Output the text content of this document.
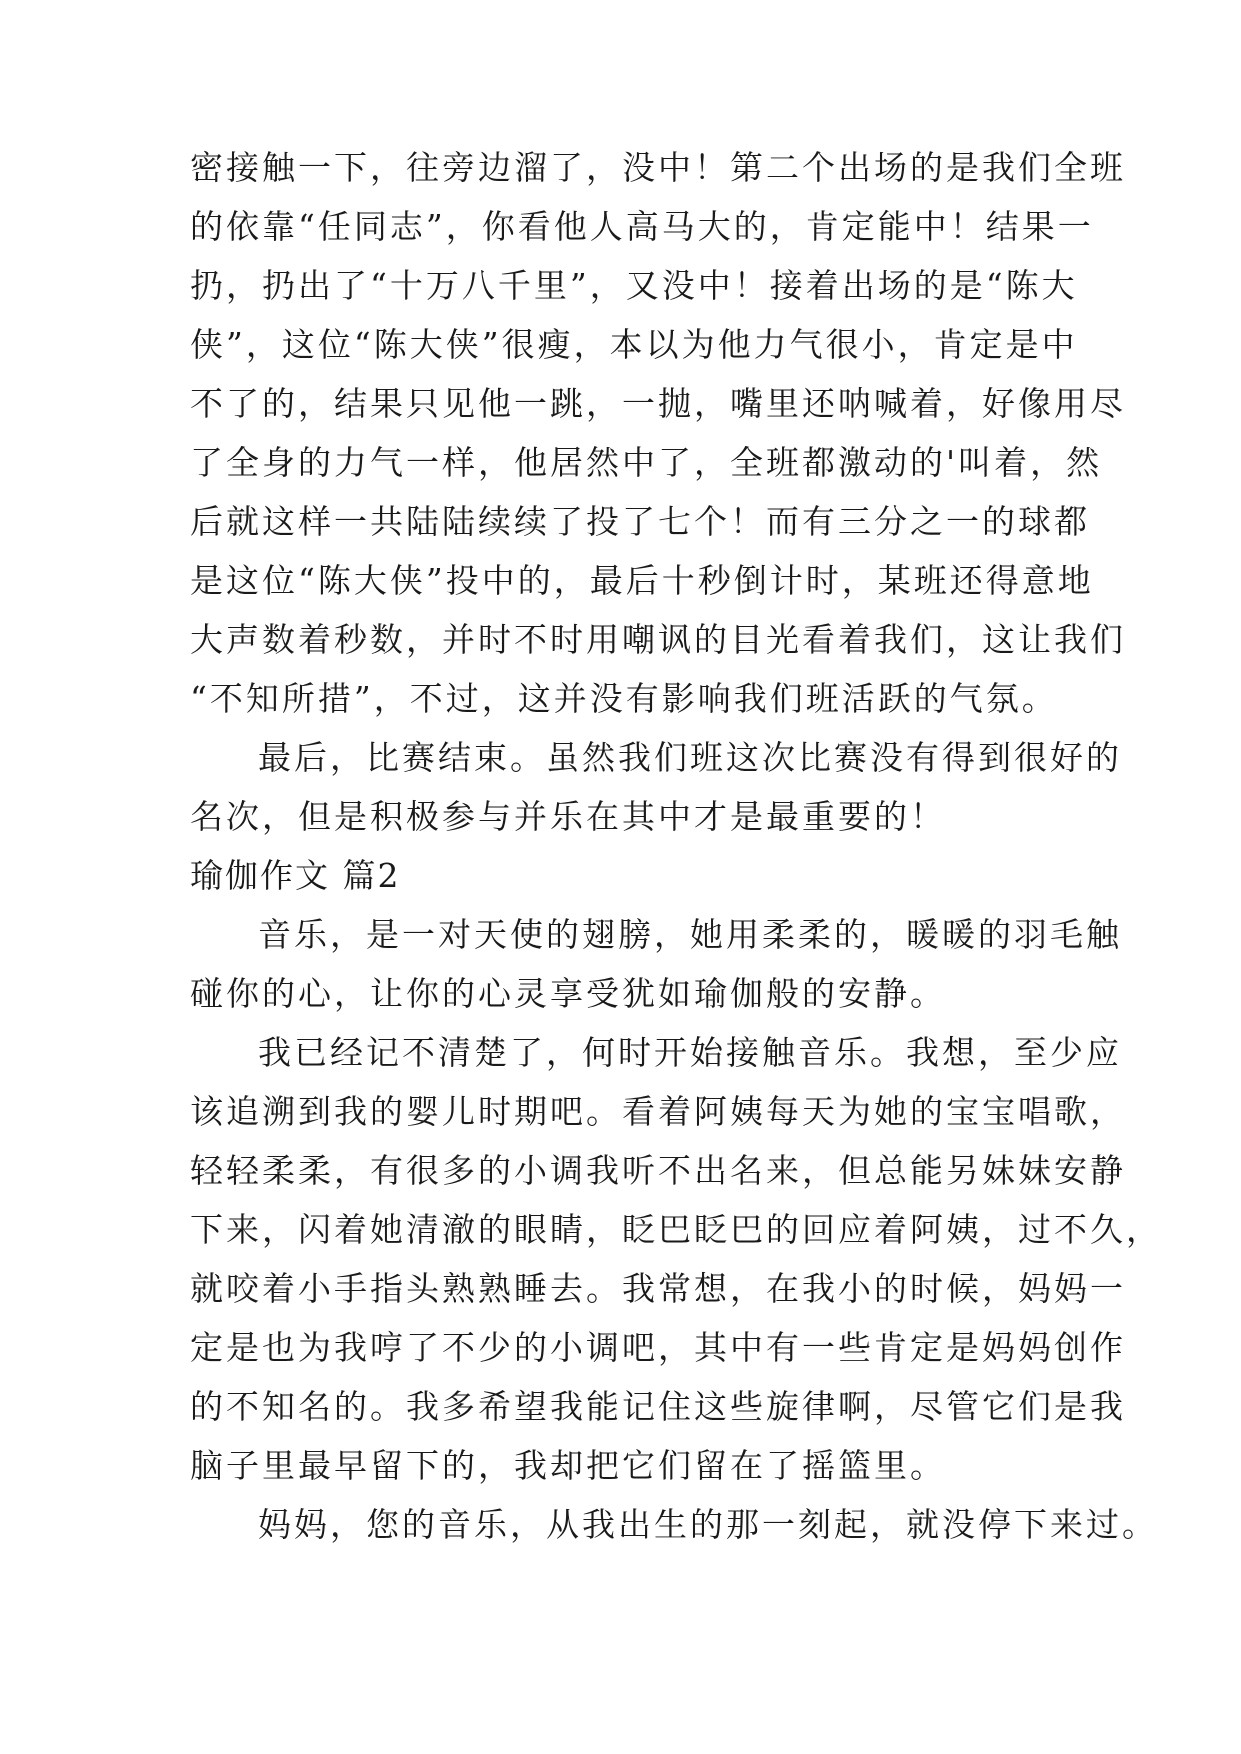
密接触一下，往旁边溜了，没中！第二个出场的是我们全班
的依靠“任同志”，你看他人高马大的，肯定能中！结果一
扔，扔出了“十万八千里”，又没中！接着出场的是“陈大
侠”，这位“陈大侠”很瘦，本以为他力气很小，肯定是中
不了的，结果只见他一跳，一抛，嘴里还呐喊着，好像用尽
了全身的力气一样，他居然中了，全班都激动的'叫着，然
后就这样一共陆陆续续了投了七个！而有三分之一的球都
是这位“陈大侠”投中的，最后十秒倒计时，某班还得意地
大声数着秒数，并时不时用嘲讽的目光看着我们，这让我们
“不知所措”，不过，这并没有影响我们班活跃的气氛。
最后，比赛结束。虽然我们班这次比赛没有得到很好的
名次，但是积极参与并乐在其中才是最重要的！
瑜伽作文 篇2
音乐，是一对天使的翅膀，她用柔柔的，暖暖的羽毛触
碰你的心，让你的心灵享受犹如瑜伽般的安静。
我已经记不清楚了，何时开始接触音乐。我想，至少应
该追溯到我的婴儿时期吧。看着阿姨每天为她的宝宝唱歌，
轻轻柔柔，有很多的小调我听不出名来，但总能另妹妹安静
下来，闪着她清澈的眼睛，眨巴眨巴的回应着阿姨，过不久，
就咬着小手指头熟熟睡去。我常想，在我小的时候，妈妈一
定是也为我哼了不少的小调吧，其中有一些肯定是妈妈创作
的不知名的。我多希望我能记住这些旋律啊，尽管它们是我
脑子里最早留下的，我却把它们留在了摇篮里。
妈妈，您的音乐，从我出生的那一刻起，就没停下来过。
